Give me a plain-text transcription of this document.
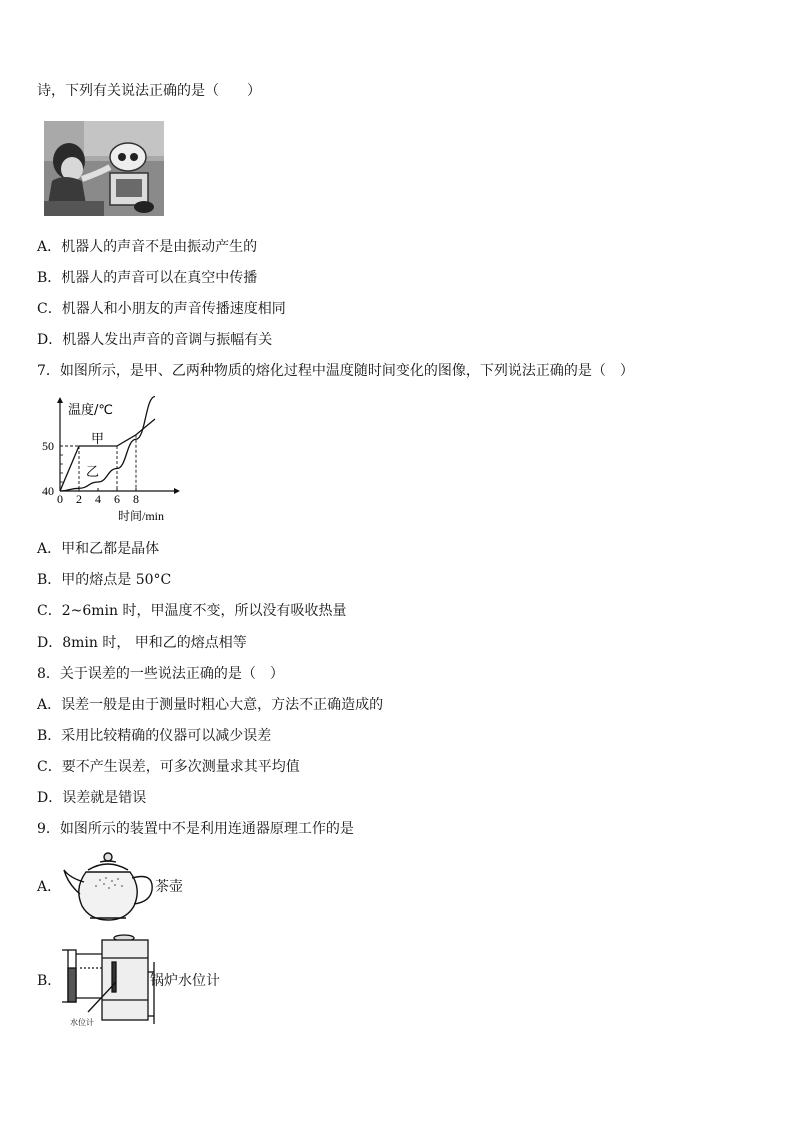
诗，下列有关说法正确的是（　　）
A．机器人的声音不是由振动产生的
B．机器人的声音可以在真空中传播
C．机器人和小朋友的声音传播速度相同
D．机器人发出声音的音调与振幅有关
7．如图所示，是甲、乙两种物质的熔化过程中温度随时间变化的图像，下列说法正确的是（　）
0 2 4 6 8
40
50
温度/℃
时间/min
甲
乙
A．甲和乙都是晶体
B．甲的熔点是 50°C
C．2~6min 时，甲温度不变，所以没有吸收热量
D．8min 时， 甲和乙的熔点相等
8．关于误差的一些说法正确的是（　）
A．误差一般是由于测量时粗心大意，方法不正确造成的
B．采用比较精确的仪器可以减少误差
C．要不产生误差，可多次测量求其平均值
D．误差就是错误
9．如图所示的装置中不是利用连通器原理工作的是
A．	茶壶
B．
水位计
锅炉水位计
